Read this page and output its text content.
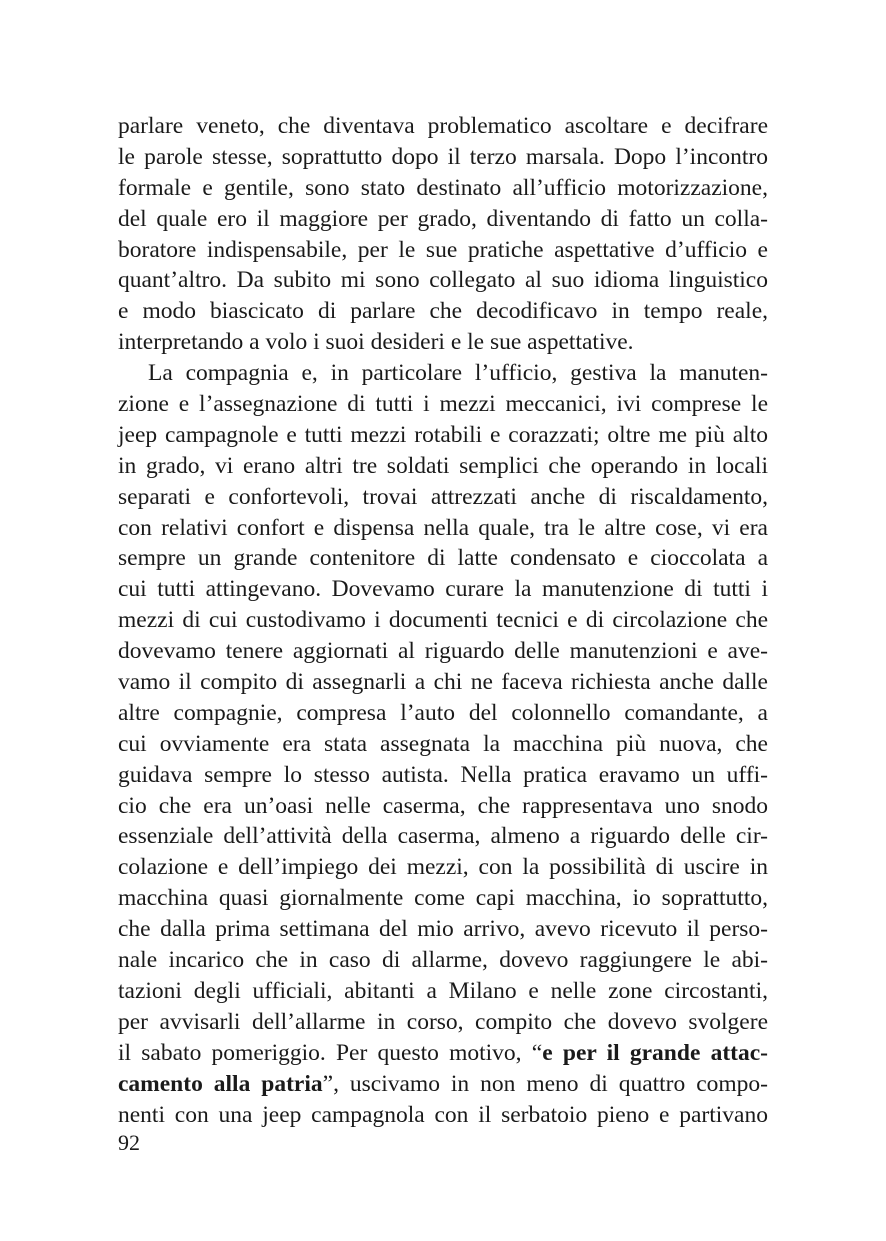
parlare veneto, che diventava problematico ascoltare e decifrare
le parole stesse, soprattutto dopo il terzo marsala. Dopo l’incontro
formale e gentile, sono stato destinato all’ufficio motorizzazione,
del quale ero il maggiore per grado, diventando di fatto un colla-
boratore indispensabile, per le sue pratiche aspettative d’ufficio e
quant’altro. Da subito mi sono collegato al suo idioma linguistico
e modo biascicato di parlare che decodificavo in tempo reale,
interpretando a volo i suoi desideri e le sue aspettative.
La compagnia e, in particolare l’ufficio, gestiva la manuten-
zione e l’assegnazione di tutti i mezzi meccanici, ivi comprese le
jeep campagnole e tutti mezzi rotabili e corazzati; oltre me più alto
in grado, vi erano altri tre soldati semplici che operando in locali
separati e confortevoli, trovai attrezzati anche di riscaldamento,
con relativi confort e dispensa nella quale, tra le altre cose, vi era
sempre un grande contenitore di latte condensato e cioccolata a
cui tutti attingevano. Dovevamo curare la manutenzione di tutti i
mezzi di cui custodivamo i documenti tecnici e di circolazione che
dovevamo tenere aggiornati al riguardo delle manutenzioni e ave-
vamo il compito di assegnarli a chi ne faceva richiesta anche dalle
altre compagnie, compresa l’auto del colonnello comandante, a
cui ovviamente era stata assegnata la macchina più nuova, che
guidava sempre lo stesso autista. Nella pratica eravamo un uffi-
cio che era un’oasi nelle caserma, che rappresentava uno snodo
essenziale dell’attività della caserma, almeno a riguardo delle cir-
colazione e dell’impiego dei mezzi, con la possibilità di uscire in
macchina quasi giornalmente come capi macchina, io soprattutto,
che dalla prima settimana del mio arrivo, avevo ricevuto il perso-
nale incarico che in caso di allarme, dovevo raggiungere le abi-
tazioni degli ufficiali, abitanti a Milano e nelle zone circostanti,
per avvisarli dell’allarme in corso, compito che dovevo svolgere
il sabato pomeriggio. Per questo motivo, “e per il grande attac-
camento alla patria”, uscivamo in non meno di quattro compo-
nenti con una jeep campagnola con il serbatoio pieno e partivano
92
